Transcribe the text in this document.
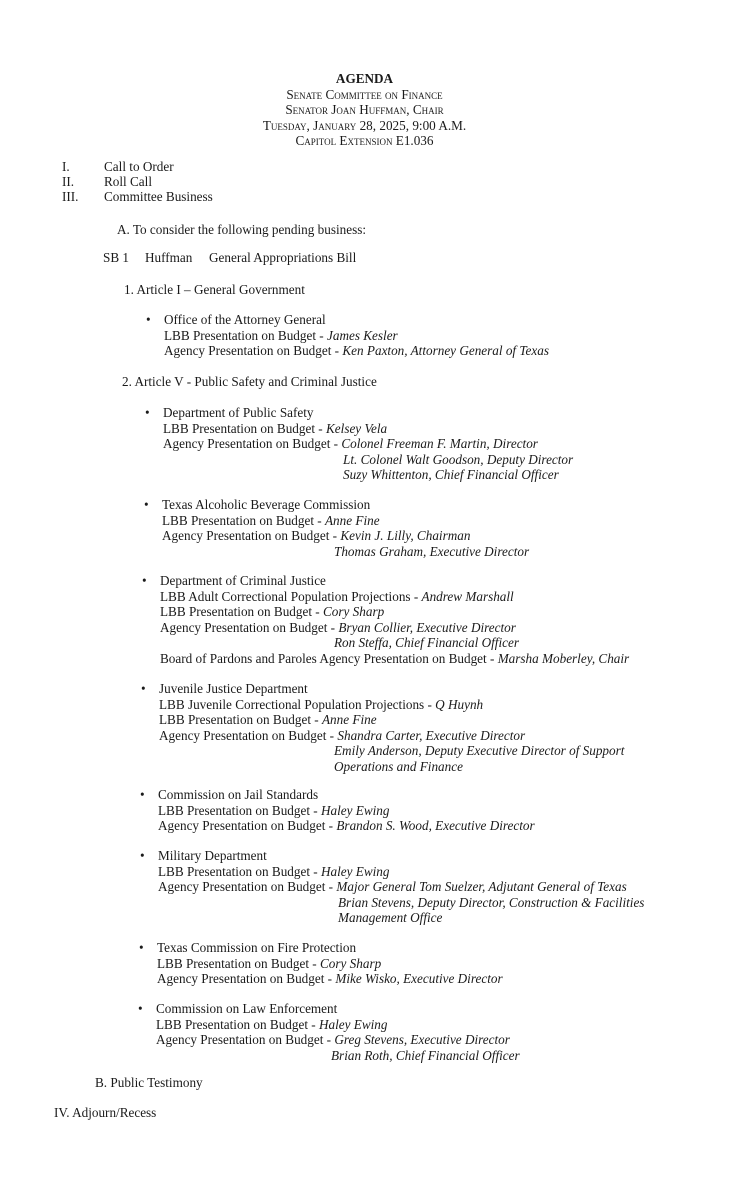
AGENDA
Senate Committee on Finance
Senator Joan Huffman, Chair
Tuesday, January 28, 2025, 9:00 A.M.
Capitol Extension E1.036
I.	Call to Order
II. Roll Call
III. Committee Business
A. To consider the following pending business:
SB 1 Huffman General Appropriations Bill
1. Article I – General Government
• Office of the Attorney General
LBB Presentation on Budget - James Kesler
Agency Presentation on Budget - Ken Paxton, Attorney General of Texas
2. Article V - Public Safety and Criminal Justice
• Department of Public Safety
LBB Presentation on Budget - Kelsey Vela
Agency Presentation on Budget - Colonel Freeman F. Martin, Director
Lt. Colonel Walt Goodson, Deputy Director
Suzy Whittenton, Chief Financial Officer
• Texas Alcoholic Beverage Commission
LBB Presentation on Budget - Anne Fine
Agency Presentation on Budget - Kevin J. Lilly, Chairman
Thomas Graham, Executive Director
• Department of Criminal Justice
LBB Adult Correctional Population Projections - Andrew Marshall
LBB Presentation on Budget - Cory Sharp
Agency Presentation on Budget - Bryan Collier, Executive Director
Ron Steffa, Chief Financial Officer
Board of Pardons and Paroles Agency Presentation on Budget - Marsha Moberley, Chair
• Juvenile Justice Department
LBB Juvenile Correctional Population Projections - Q Huynh
LBB Presentation on Budget - Anne Fine
Agency Presentation on Budget - Shandra Carter, Executive Director
Emily Anderson, Deputy Executive Director of Support
Operations and Finance
• Commission on Jail Standards
LBB Presentation on Budget - Haley Ewing
Agency Presentation on Budget - Brandon S. Wood, Executive Director
• Military Department
LBB Presentation on Budget - Haley Ewing
Agency Presentation on Budget - Major General Tom Suelzer, Adjutant General of Texas
Brian Stevens, Deputy Director, Construction & Facilities
Management Office
• Texas Commission on Fire Protection
LBB Presentation on Budget - Cory Sharp
Agency Presentation on Budget - Mike Wisko, Executive Director
• Commission on Law Enforcement
LBB Presentation on Budget - Haley Ewing
Agency Presentation on Budget - Greg Stevens, Executive Director
Brian Roth, Chief Financial Officer
B. Public Testimony
IV. Adjourn/Recess
